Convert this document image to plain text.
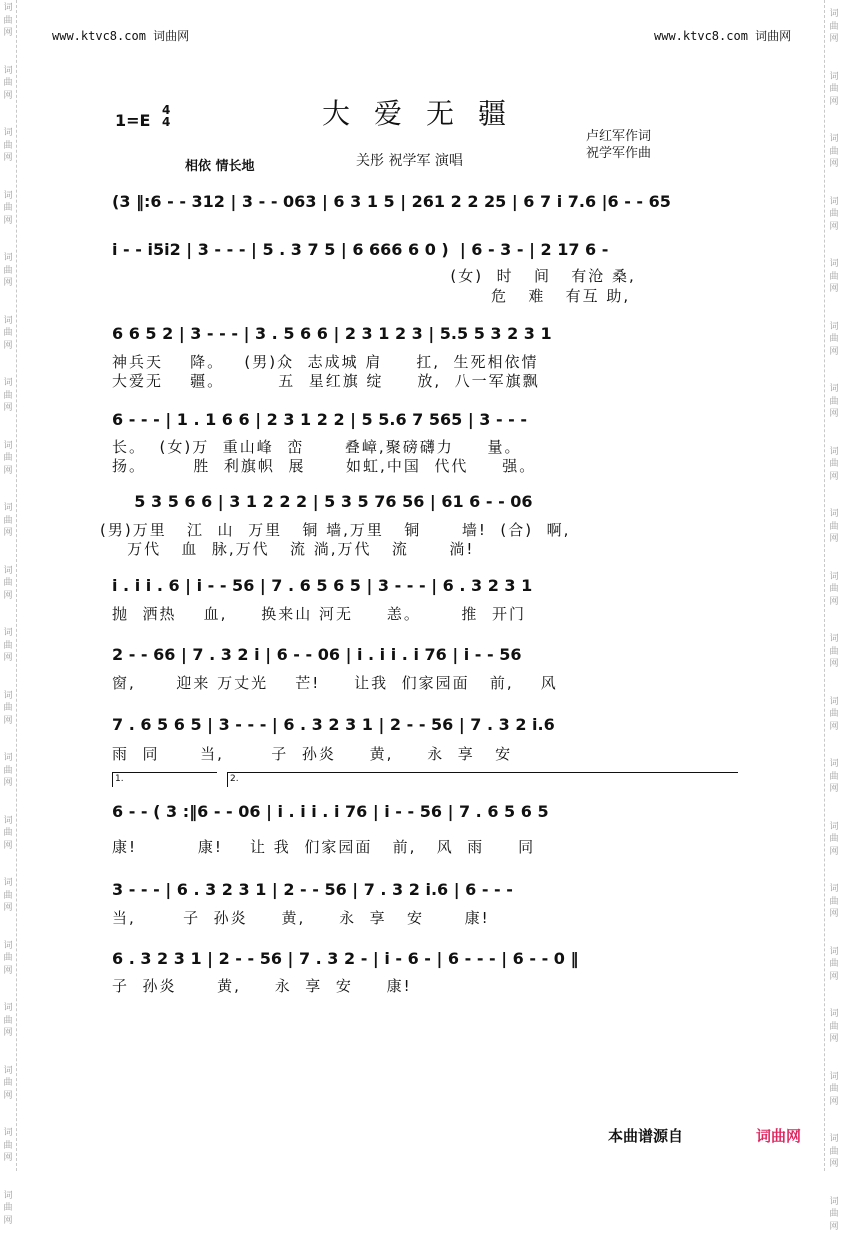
词
曲
网

词
曲
网

词
曲
网

词
曲
网

词
曲
网

词
曲
网

词
曲
网

词
曲
网

词
曲
网

词
曲
网

词
曲
网

词
曲
网

词
曲
网

词
曲
网

词
曲
网

词
曲
网

词
曲
网

词
曲
网

词
曲
网

词
曲
网

词
曲
网

词
曲
网

词
曲
网

词
曲
网

词
曲
网

词
曲
网

词
曲
网

词
曲
网

词
曲
网

词
曲
网

词
曲
网

词
曲
网

词
曲
网

词
曲
网

词
曲
网

词
曲
网

词
曲
网

词
曲
网

词
曲
网

词
曲
网

www.ktvc8.com 词曲网	www.ktvc8.com 词曲网
1=E
4
4	大爱无疆
关彤 祝学军 演唱
卢红军作词
祝学军作曲
相依 情长地
(3 ‖:6 - - 312 | 3 - - 063 | 6 3 1 5 | 261 2 2 25 | 6 7 i 7.6 |6 - - 65
i - - i5i2 | 3 - - - | 5 . 3 7 5 | 6 666 6 0 )  | 6 - 3 - | 2 17 6 -
(女)  时   间   有沧 桑,
危   难   有互 助,
6 6 5 2 | 3 - - - | 3 . 5 6 6 | 2 3 1 2 3 | 5.5 5 3 2 3 1
神兵天    降。   (男)众  志成城 肩     扛,  生死相依情
大爱无    疆。        五  星红旗 绽     放,  八一军旗飘
6 - - - | 1 . 1 6 6 | 2 3 1 2 2 | 5 5.6 7 565 | 3 - - -
长。  (女)万  重山峰  峦      叠嶂,聚磅礴力     量。
扬。       胜  利旗帜  展      如虹,中国  代代     强。
5 3 5 6 6 | 3 1 2 2 2 | 5 3 5 76 56 | 61 6 - - 06
(男)万里   江  山  万里   铜 墙,万里   铜      墙!  (合)  啊,
万代   血  脉,万代   流 淌,万代   流      淌!
i . i i . 6 | i - - 56 | 7 . 6 5 6 5 | 3 - - - | 6 . 3 2 3 1
抛  洒热    血,     换来山 河无     恙。      推  开门
2 - - 66 | 7 . 3 2 i | 6 - - 06 | i . i i . i 76 | i - - 56
窗,      迎来 万丈光    芒!     让我  们家园面   前,    风
7 . 6 5 6 5 | 3 - - - | 6 . 3 2 3 1 | 2 - - 56 | 7 . 3 2 i.6
雨  同      当,       子  孙炎     黄,     永  享   安
1.	2.
6 - - ( 3 :‖6 - - 06 | i . i i . i 76 | i - - 56 | 7 . 6 5 6 5
康!         康!    让 我  们家园面   前,   风  雨     同
3 - - - | 6 . 3 2 3 1 | 2 - - 56 | 7 . 3 2 i.6 | 6 - - -
当,       子  孙炎     黄,     永  享   安      康!
6 . 3 2 3 1 | 2 - - 56 | 7 . 3 2 - | i - 6 - | 6 - - - | 6 - - 0 ‖
子  孙炎      黄,     永  享  安     康!
本曲谱源自	词曲网
